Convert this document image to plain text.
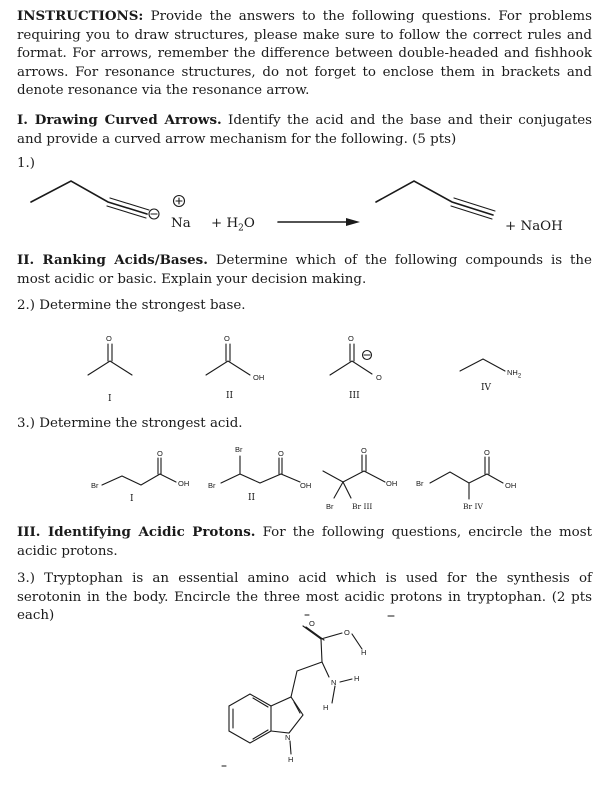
INSTRUCTIONS: Provide the answers to the following questions. For problems requiring you to draw structures, please make sure to follow the correct rules and format. For arrows, remember the difference between double-headed and fishhook arrows. For resonance structures, do not forget to enclose them in brackets and denote resonance via the resonance arrow.
I. Drawing Curved Arrows. Identify the acid and the base and their conjugates and provide a curved arrow mechanism for the following. (5 pts)
1.)
$Na + H_2O$	+ NaOH
II. Ranking Acids/Bases. Determine which of the following compounds is the most acidic or basic. Explain your decision making.
2.) Determine the strongest base.
O	O
OH
O
O
$NH_2$
I	II	III
IV
3.) Determine the strongest acid.
Br
O
OH
I
Br
Br	O
OH
II
O
OH
Br Br III
Br
O
OH
Br IV
III. Identifying Acidic Protons. For the following questions, encircle the most acidic protons.
3.) Tryptophan is an essential amino acid which is used for the synthesis of serotonin in the body. Encircle the three most acidic protons in tryptophan. (2 pts each)
O
O
H
N H
H
N
H
